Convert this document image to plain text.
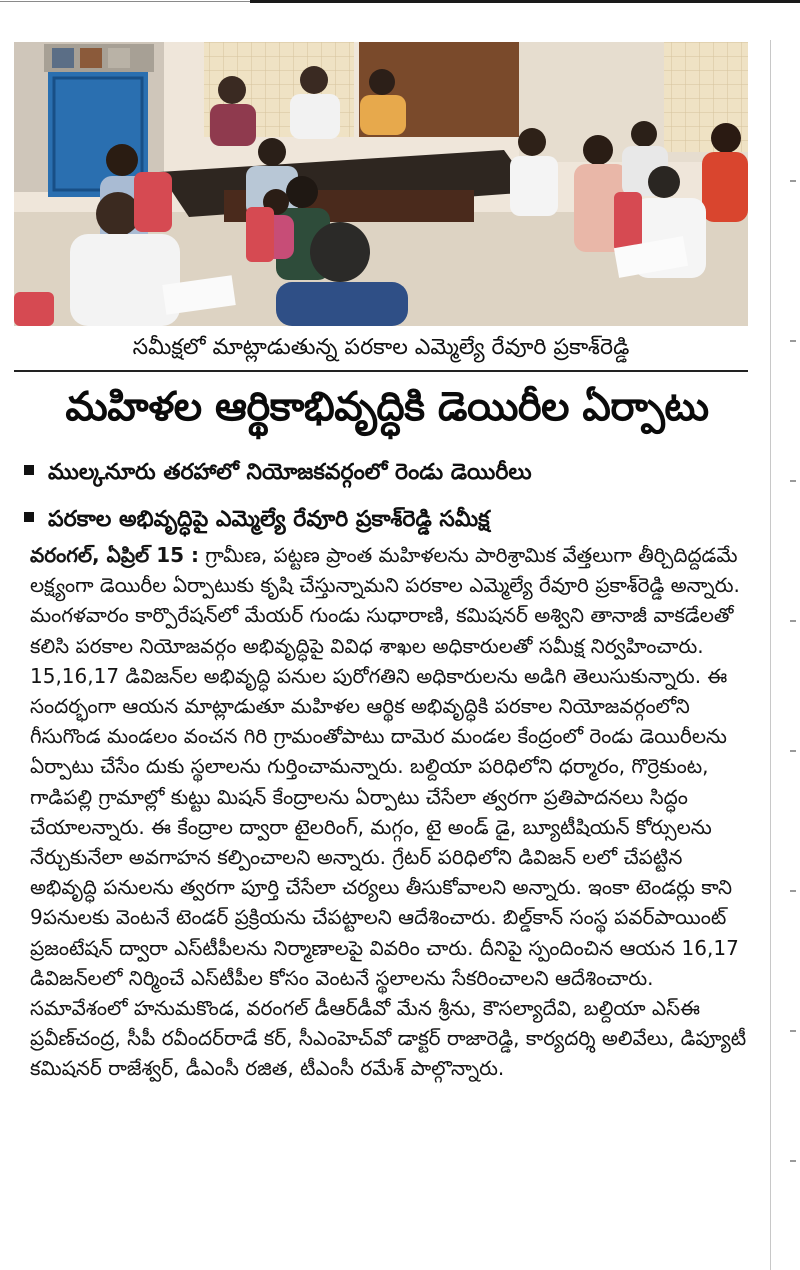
సమీక్షలో మాట్లాడుతున్న పరకాల ఎమ్మెల్యే రేవూరి ప్రకాశ్‌రెడ్డి
మహిళల ఆర్థికాభివృద్ధికి డెయిరీల ఏర్పాటు
ముల్కనూరు తరహాలో నియోజకవర్గంలో రెండు డెయిరీలు
పరకాల అభివృద్ధిపై ఎమ్మెల్యే రేవూరి ప్రకాశ్‌రెడ్డి సమీక్ష

వరంగల్, ఏప్రిల్ 15 : గ్రామీణ, పట్టణ ప్రాంత మహిళలను పారిశ్రామిక వేత్తలుగా తీర్చిదిద్దడమే లక్ష్యంగా డెయిరీల ఏర్పాటుకు కృషి చేస్తున్నామని పరకాల ఎమ్మెల్యే రేవూరి ప్రకాశ్‌రెడ్డి అన్నారు. మంగళవారం కార్పొరేషన్‌లో మేయర్ గుండు సుధారాణి, కమిషనర్ అశ్విని తానాజీ వాకడేలతో కలిసి పరకాల నియోజవర్గం అభివృద్ధిపై వివిధ శాఖల అధికారులతో సమీక్ష నిర్వహించారు. 15,16,17 డివిజన్‌ల అభివృద్ధి పనుల పురోగతిని అధికారులను అడిగి తెలుసుకున్నారు. ఈ సందర్భంగా ఆయన మాట్లాడుతూ మహిళల ఆర్థిక అభివృద్ధికి పరకాల నియోజవర్గంలోని గీసుగొండ మండలం వంచన గిరి గ్రామంతోపాటు దామెర మండల కేంద్రంలో రెండు డెయిరీలను ఏర్పాటు చేసేం దుకు స్థలాలను గుర్తించామన్నారు. బల్దియా పరిధిలోని ధర్మారం, గొర్రెకుంట, గాడిపల్లి గ్రామాల్లో కుట్టు మిషన్ కేంద్రాలను ఏర్పాటు చేసేలా త్వరగా ప్రతిపాదనలు సిద్ధం చేయాలన్నారు. ఈ కేంద్రాల ద్వారా టైలరింగ్, మగ్గం, టై అండ్ డై, బ్యూటీషియన్ కోర్సులను నేర్చుకునేలా అవగాహన కల్పించాలని అన్నారు. గ్రేటర్ పరిధిలోని డివిజన్ లలో చేపట్టిన అభివృద్ధి పనులను త్వరగా పూర్తి చేసేలా చర్యలు తీసుకోవాలని అన్నారు. ఇంకా టెండర్లు కాని 9పనులకు వెంటనే టెండర్ ప్రక్రియను చేపట్టాలని ఆదేశించారు. బిల్డ్‌కాన్ సంస్థ పవర్‌పాయింట్ ప్రజంటేషన్ ద్వారా ఎస్‌టీపీలను నిర్మాణాలపై వివరిం చారు. దీనిపై స్పందించిన ఆయన 16,17 డివిజన్‌లలో నిర్మించే ఎస్‌టీపీల కోసం వెంటనే స్థలాలను సేకరించాలని ఆదేశించారు. సమావేశంలో హనుమకొండ, వరంగల్ డీఆర్‌డీవో మేన శ్రీను, కౌసల్యాదేవి, బల్దియా ఎస్‌ఈ ప్రవీణ్‌చంద్ర, సీపీ రవీందర్‌రాడే కర్, సీఎంహెచ్‌వో డాక్టర్ రాజారెడ్డి, కార్యదర్శి అలివేలు, డిప్యూటీ కమిషనర్ రాజేశ్వర్, డీఎంసీ రజిత, టీఎంసీ రమేశ్ పాల్గొన్నారు.
